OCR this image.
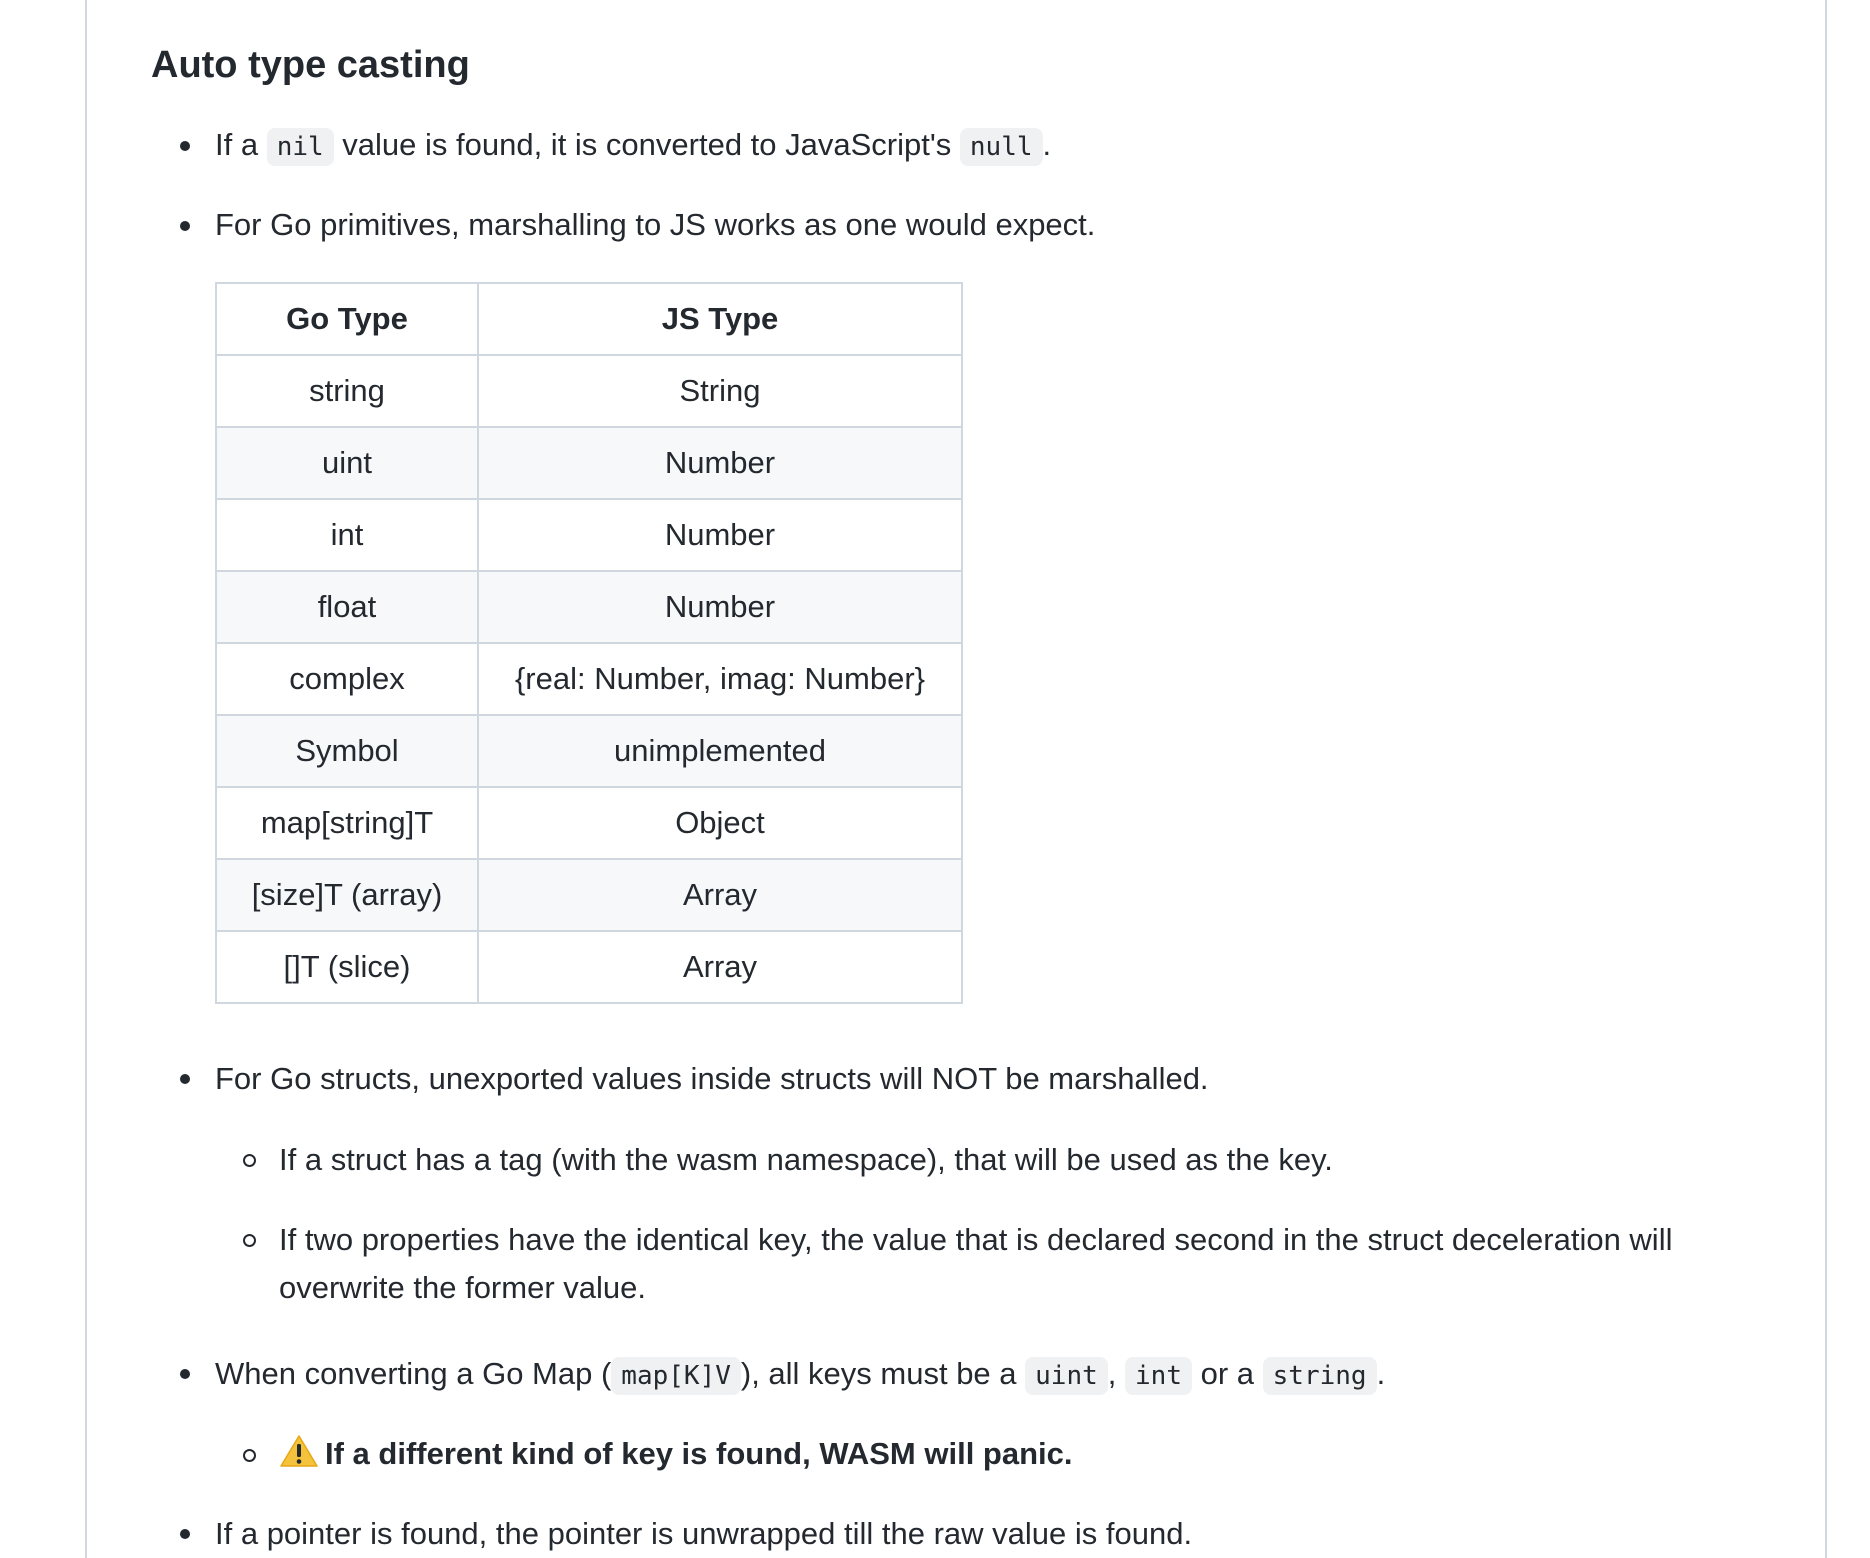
Auto type casting
If a nil value is found, it is converted to JavaScript's null .
For Go primitives, marshalling to JS works as one would expect.
Go Type	JS Type
string	String
uint	Number
int	Number
float	Number
complex	{real: Number, imag: Number}
Symbol	unimplemented
map[string]T	Object
[size]T (array)	Array
[]T (slice)	Array
For Go structs, unexported values inside structs will NOT be marshalled.
If a struct has a tag (with the wasm namespace), that will be used as the key.
If two properties have the identical key, the value that is declared second in the struct deceleration will overwrite the former value.
When converting a Go Map ( map[K]V ), all keys must be a uint , int or a string .
If a different kind of key is found, WASM will panic.
If a pointer is found, the pointer is unwrapped till the raw value is found.
